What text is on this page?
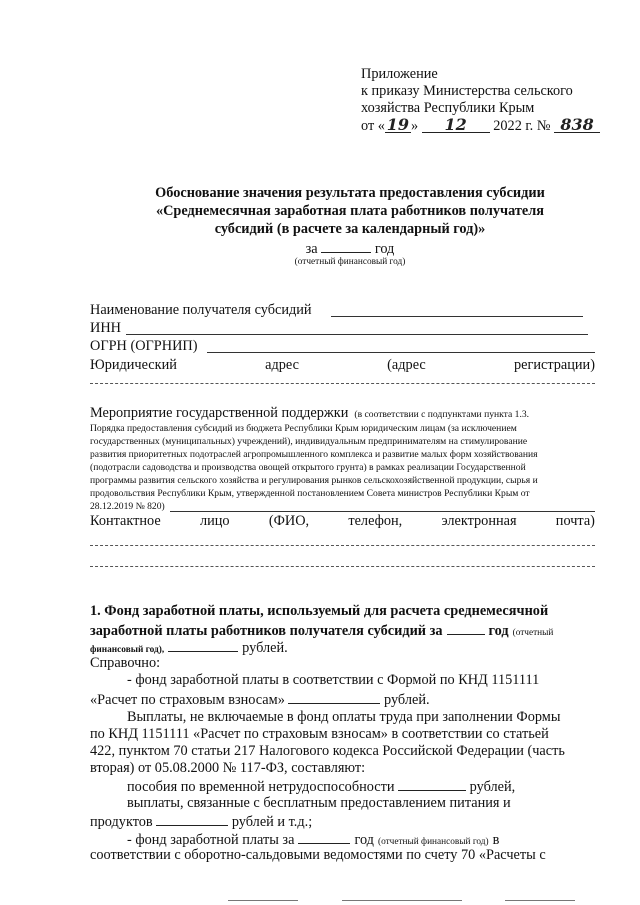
Приложение
к приказу Министерства сельского
хозяйства Республики Крым
от « 19 » 12 2022 г. № 838
Обоснование значения результата предоставления субсидии
«Среднемесячная заработная плата работников получателя
субсидий (в расчете за календарный год)»
за	год
(отчетный финансовый год)
Наименование получателя субсидий
ИНН
ОГРН (ОГРНИП)
Юридический	адрес	(адрес	регистрации)
Мероприятие государственной поддержки (в соответствии с подпунктами пункта 1.3.
Порядка предоставления субсидий из бюджета Республики Крым юридическим лицам (за исключением
государственных (муниципальных) учреждений), индивидуальным предпринимателям на стимулирование
развития приоритетных подотраслей агропромышленного комплекса и развитие малых форм хозяйствования
(подотрасли садоводства и производства овощей открытого грунта) в рамках реализации Государственной
программы развития сельского хозяйства и регулирования рынков сельскохозяйственной продукции, сырья и
продовольствия Республики Крым, утвержденной постановлением Совета министров Республики Крым от
28.12.2019 № 820)
Контактное	лицо	(ФИО,	телефон,	электронная	почта)
1. Фонд заработной платы, используемый для расчета среднемесячной
заработной платы работников получателя субсидий за	год (отчетный
финансовый год),	рублей.
Справочно:
- фонд заработной платы в соответствии с Формой по КНД 1151111
«Расчет по страховым взносам»	рублей.
Выплаты, не включаемые в фонд оплаты труда при заполнении Формы
по КНД 1151111 «Расчет по страховым взносам» в соответствии со статьей
422, пунктом 70 статьи 217 Налогового кодекса Российской Федерации (часть
вторая) от 05.08.2000 № 117-ФЗ, составляют:
пособия по временной нетрудоспособности	рублей,
выплаты, связанные с бесплатным предоставлением питания и
продуктов	рублей и т.д.;
- фонд заработной платы за	год (отчетный финансовый год) в
соответствии с оборотно-сальдовыми ведомостями по счету 70 «Расчеты с
